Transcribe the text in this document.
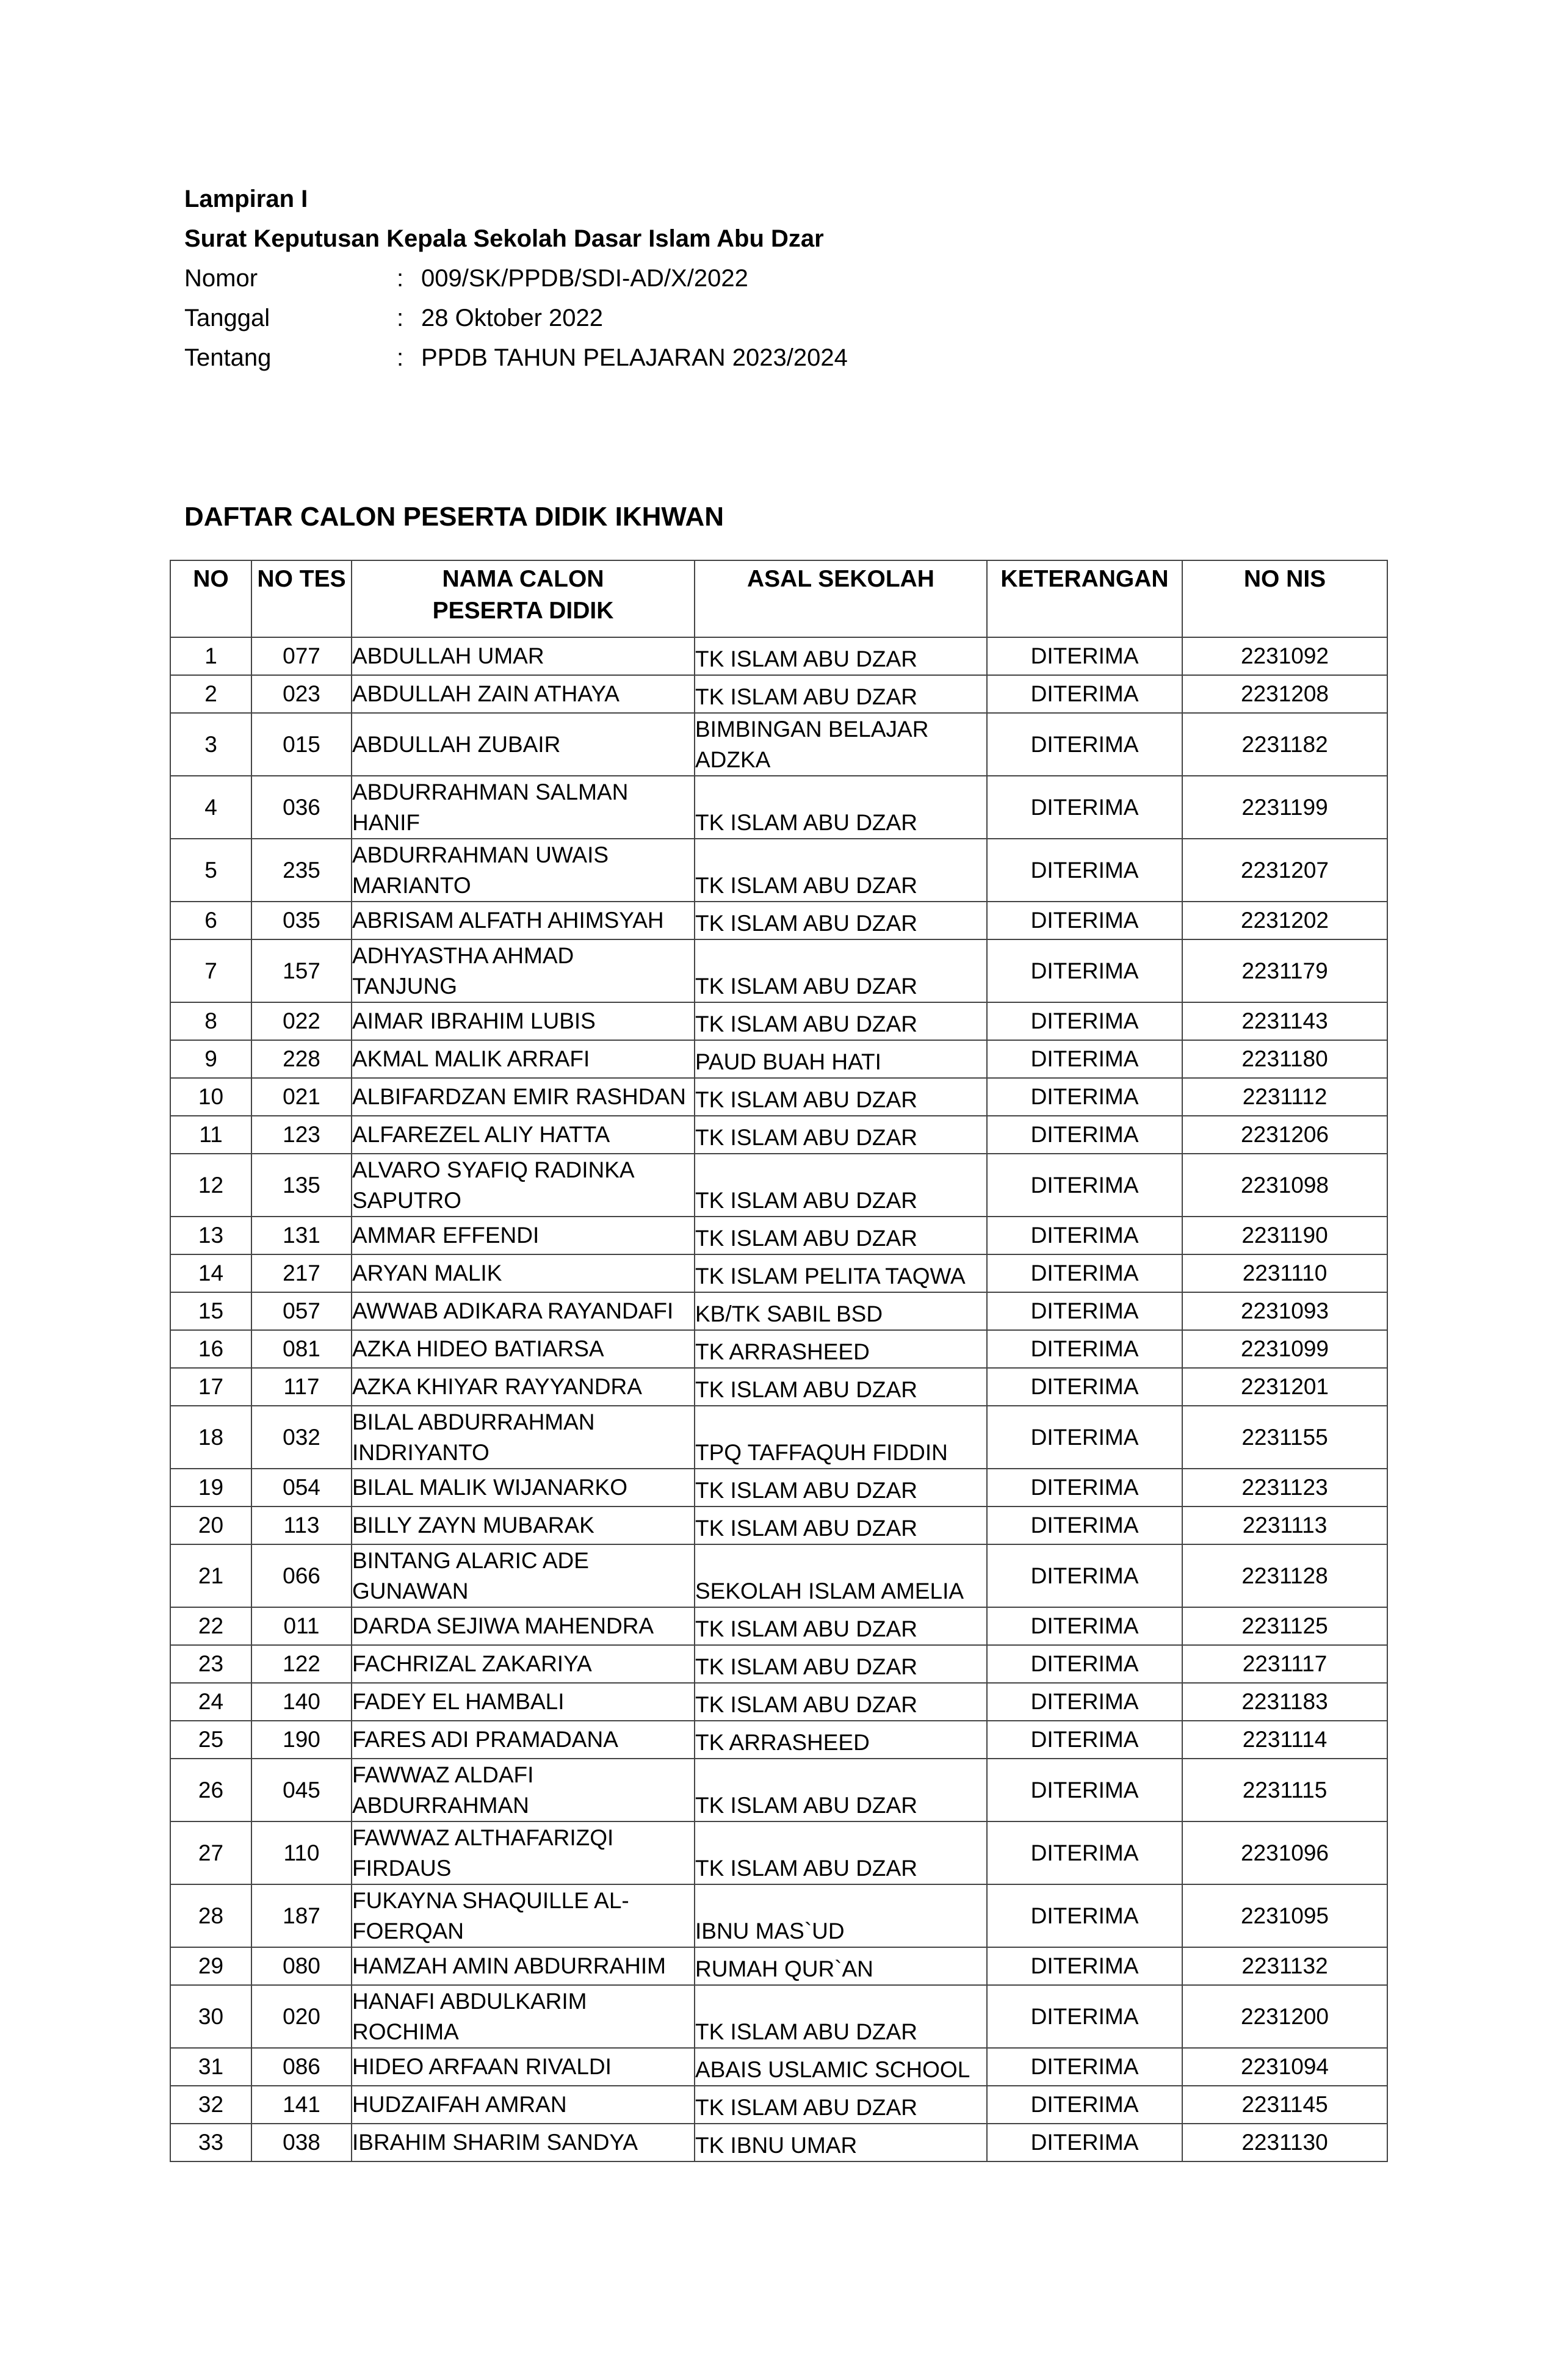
Lampiran I
Surat Keputusan Kepala Sekolah Dasar Islam Abu Dzar
Nomor	: 009/SK/PPDB/SDI-AD/X/2022
Tanggal	: 28 Oktober 2022
Tentang	: PPDB TAHUN PELAJARAN 2023/2024
DAFTAR CALON PESERTA DIDIK IKHWAN
NO	NO TES	NAMA CALON PESERTA DIDIK	ASAL SEKOLAH	KETERANGAN	NO NIS
1	077	ABDULLAH UMAR	TK ISLAM ABU DZAR	DITERIMA	2231092
2	023	ABDULLAH ZAIN ATHAYA	TK ISLAM ABU DZAR	DITERIMA	2231208
3	015	ABDULLAH ZUBAIR	BIMBINGAN BELAJAR
ADZKA	DITERIMA	2231182
4	036	ABDURRAHMAN SALMAN
HANIF	TK ISLAM ABU DZAR	DITERIMA	2231199
5	235	ABDURRAHMAN UWAIS
MARIANTO	TK ISLAM ABU DZAR	DITERIMA	2231207
6	035	ABRISAM ALFATH AHIMSYAH	TK ISLAM ABU DZAR	DITERIMA	2231202
7	157	ADHYASTHA AHMAD
TANJUNG	TK ISLAM ABU DZAR	DITERIMA	2231179
8	022	AIMAR IBRAHIM LUBIS	TK ISLAM ABU DZAR	DITERIMA	2231143
9	228	AKMAL MALIK ARRAFI	PAUD BUAH HATI	DITERIMA	2231180
10	021	ALBIFARDZAN EMIR RASHDAN	TK ISLAM ABU DZAR	DITERIMA	2231112
11	123	ALFAREZEL ALIY HATTA	TK ISLAM ABU DZAR	DITERIMA	2231206
12	135	ALVARO SYAFIQ RADINKA
SAPUTRO	TK ISLAM ABU DZAR	DITERIMA	2231098
13	131	AMMAR EFFENDI	TK ISLAM ABU DZAR	DITERIMA	2231190
14	217	ARYAN MALIK	TK ISLAM PELITA TAQWA	DITERIMA	2231110
15	057	AWWAB ADIKARA RAYANDAFI	KB/TK SABIL BSD	DITERIMA	2231093
16	081	AZKA HIDEO BATIARSA	TK ARRASHEED	DITERIMA	2231099
17	117	AZKA KHIYAR RAYYANDRA	TK ISLAM ABU DZAR	DITERIMA	2231201
18	032	BILAL ABDURRAHMAN
INDRIYANTO	TPQ TAFFAQUH FIDDIN	DITERIMA	2231155
19	054	BILAL MALIK WIJANARKO	TK ISLAM ABU DZAR	DITERIMA	2231123
20	113	BILLY ZAYN MUBARAK	TK ISLAM ABU DZAR	DITERIMA	2231113
21	066	BINTANG ALARIC ADE
GUNAWAN	SEKOLAH ISLAM AMELIA	DITERIMA	2231128
22	011	DARDA SEJIWA MAHENDRA	TK ISLAM ABU DZAR	DITERIMA	2231125
23	122	FACHRIZAL ZAKARIYA	TK ISLAM ABU DZAR	DITERIMA	2231117
24	140	FADEY EL HAMBALI	TK ISLAM ABU DZAR	DITERIMA	2231183
25	190	FARES ADI PRAMADANA	TK ARRASHEED	DITERIMA	2231114
26	045	FAWWAZ ALDAFI
ABDURRAHMAN	TK ISLAM ABU DZAR	DITERIMA	2231115
27	110	FAWWAZ ALTHAFARIZQI
FIRDAUS	TK ISLAM ABU DZAR	DITERIMA	2231096
28	187	FUKAYNA SHAQUILLE AL-
FOERQAN	IBNU MAS`UD	DITERIMA	2231095
29	080	HAMZAH AMIN ABDURRAHIM	RUMAH QUR`AN	DITERIMA	2231132
30	020	HANAFI ABDULKARIM
ROCHIMA	TK ISLAM ABU DZAR	DITERIMA	2231200
31	086	HIDEO ARFAAN RIVALDI	ABAIS USLAMIC SCHOOL	DITERIMA	2231094
32	141	HUDZAIFAH AMRAN	TK ISLAM ABU DZAR	DITERIMA	2231145
33	038	IBRAHIM SHARIM SANDYA	TK IBNU UMAR	DITERIMA	2231130
